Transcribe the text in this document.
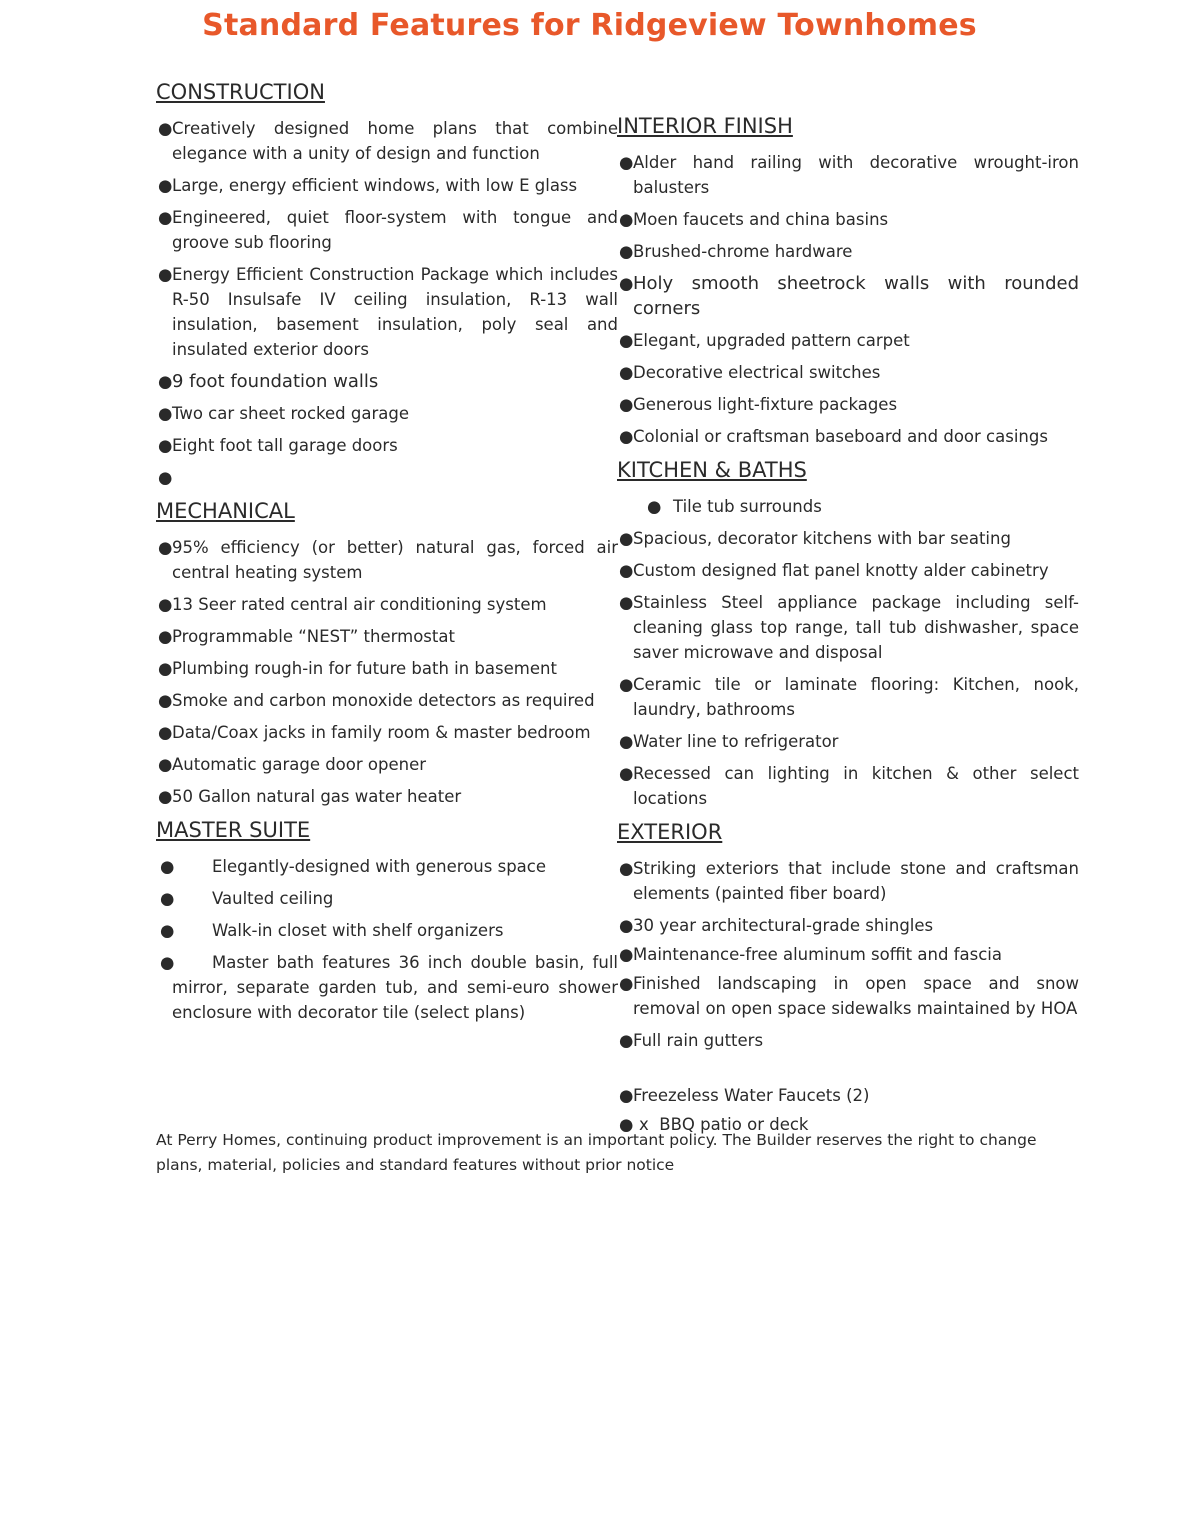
Standard Features for Ridgeview Townhomes
CONSTRUCTION
● Creatively designed home plans that combine elegance with a unity of design and function
● Large, energy efficient windows, with low E glass
● Engineered, quiet floor-system with tongue and groove sub flooring
● Energy Efficient Construction Package which includes R-50 Insulsafe IV ceiling insulation, R-13 wall insulation, basement insulation, poly seal and insulated exterior doors
● 9 foot foundation walls
● Two car sheet rocked garage
● Eight foot tall garage doors
●
MECHANICAL
● 95% efficiency (or better) natural gas, forced air central heating system
● 13 Seer rated central air conditioning system
● Programmable “NEST” thermostat
● Plumbing rough-in for future bath in basement
● Smoke and carbon monoxide detectors as required
● Data/Coax jacks in family room & master bedroom
● Automatic garage door opener
● 50 Gallon natural gas water heater
MASTER SUITE
● Elegantly-designed with generous space
● Vaulted ceiling
● Walk-in closet with shelf organizers
● Master bath features 36 inch double basin, full mirror, separate garden tub, and semi-euro shower enclosure with decorator tile (select plans)
INTERIOR FINISH
● Alder hand railing with decorative wrought-iron balusters
● Moen faucets and china basins
● Brushed-chrome hardware
● Holy smooth sheetrock walls with rounded corners
● Elegant, upgraded pattern carpet
● Decorative electrical switches
● Generous light-fixture packages
● Colonial or craftsman baseboard and door casings
KITCHEN & BATHS
● Tile tub surrounds
● Spacious, decorator kitchens with bar seating
● Custom designed flat panel knotty alder cabinetry
● Stainless Steel appliance package including self-cleaning glass top range, tall tub dishwasher, space saver microwave and disposal
● Ceramic tile or laminate flooring: Kitchen, nook, laundry, bathrooms
● Water line to refrigerator
● Recessed can lighting in kitchen & other select locations
EXTERIOR
● Striking exteriors that include stone and craftsman elements (painted fiber board)
● 30 year architectural-grade shingles
● Maintenance-free aluminum soffit and fascia
● Finished landscaping in open space and snow removal on open space sidewalks maintained by HOA
● Full rain gutters
● Freezeless Water Faucets (2)
● x  BBQ patio or deck
At Perry Homes, continuing product improvement is an important policy. The Builder reserves the right to change plans, material, policies and standard features without prior notice
